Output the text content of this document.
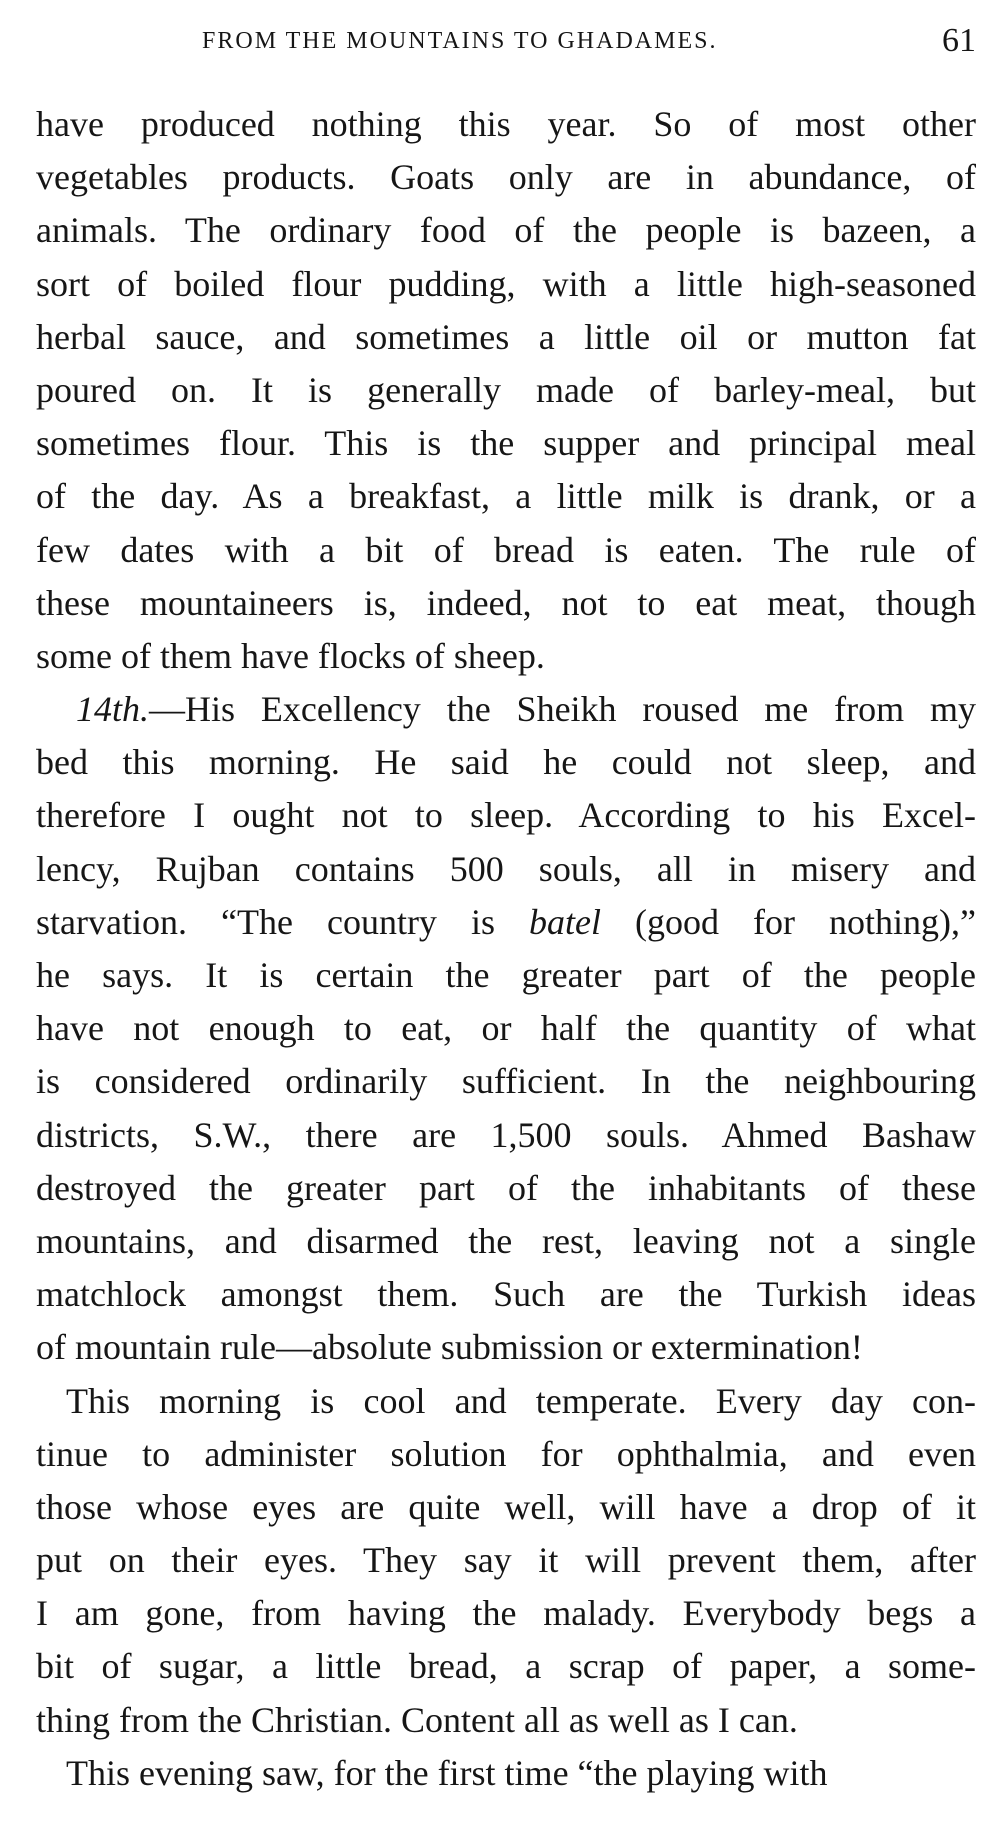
FROM THE MOUNTAINS TO GHADAMES.	61
have produced nothing this year. So of most other
vegetables products. Goats only are in abundance, of
animals. The ordinary food of the people is bazeen, a
sort of boiled flour pudding, with a little high-seasoned
herbal sauce, and sometimes a little oil or mutton fat
poured on. It is generally made of barley-meal, but
sometimes flour. This is the supper and principal meal
of the day. As a breakfast, a little milk is drank, or a
few dates with a bit of bread is eaten. The rule of
these mountaineers is, indeed, not to eat meat, though
some of them have flocks of sheep.
14th.—His Excellency the Sheikh roused me from my
bed this morning. He said he could not sleep, and
therefore I ought not to sleep. According to his Excel-
lency, Rujban contains 500 souls, all in misery and
starvation. “The country is batel (good for nothing),”
he says. It is certain the greater part of the people
have not enough to eat, or half the quantity of what
is considered ordinarily sufficient. In the neighbouring
districts, S.W., there are 1,500 souls. Ahmed Bashaw
destroyed the greater part of the inhabitants of these
mountains, and disarmed the rest, leaving not a single
matchlock amongst them. Such are the Turkish ideas
of mountain rule—absolute submission or extermination!
This morning is cool and temperate. Every day con-
tinue to administer solution for ophthalmia, and even
those whose eyes are quite well, will have a drop of it
put on their eyes. They say it will prevent them, after
I am gone, from having the malady. Everybody begs a
bit of sugar, a little bread, a scrap of paper, a some-
thing from the Christian. Content all as well as I can.
This evening saw, for the first time “the playing with
